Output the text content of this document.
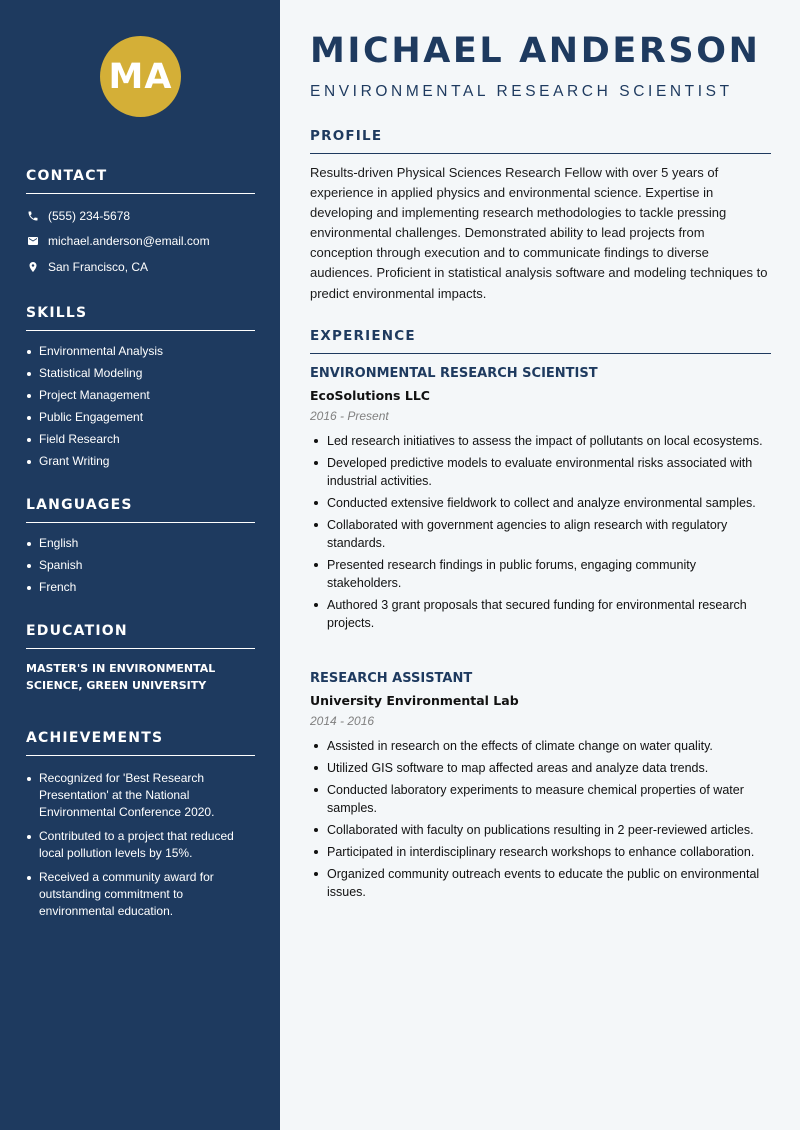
MA
CONTACT
(555) 234-5678
michael.anderson@email.com
San Francisco, CA
SKILLS
Environmental Analysis
Statistical Modeling
Project Management
Public Engagement
Field Research
Grant Writing
LANGUAGES
English
Spanish
French
EDUCATION
MASTER'S IN ENVIRONMENTAL SCIENCE, GREEN UNIVERSITY
ACHIEVEMENTS
Recognized for 'Best Research Presentation' at the National Environmental Conference 2020.
Contributed to a project that reduced local pollution levels by 15%.
Received a community award for outstanding commitment to environmental education.
MICHAEL ANDERSON
ENVIRONMENTAL RESEARCH SCIENTIST
PROFILE
Results-driven Physical Sciences Research Fellow with over 5 years of experience in applied physics and environmental science. Expertise in developing and implementing research methodologies to tackle pressing environmental challenges. Demonstrated ability to lead projects from conception through execution and to communicate findings to diverse audiences. Proficient in statistical analysis software and modeling techniques to predict environmental impacts.
EXPERIENCE
ENVIRONMENTAL RESEARCH SCIENTIST
EcoSolutions LLC
2016 - Present
Led research initiatives to assess the impact of pollutants on local ecosystems.
Developed predictive models to evaluate environmental risks associated with industrial activities.
Conducted extensive fieldwork to collect and analyze environmental samples.
Collaborated with government agencies to align research with regulatory standards.
Presented research findings in public forums, engaging community stakeholders.
Authored 3 grant proposals that secured funding for environmental research projects.
RESEARCH ASSISTANT
University Environmental Lab
2014 - 2016
Assisted in research on the effects of climate change on water quality.
Utilized GIS software to map affected areas and analyze data trends.
Conducted laboratory experiments to measure chemical properties of water samples.
Collaborated with faculty on publications resulting in 2 peer-reviewed articles.
Participated in interdisciplinary research workshops to enhance collaboration.
Organized community outreach events to educate the public on environmental issues.
